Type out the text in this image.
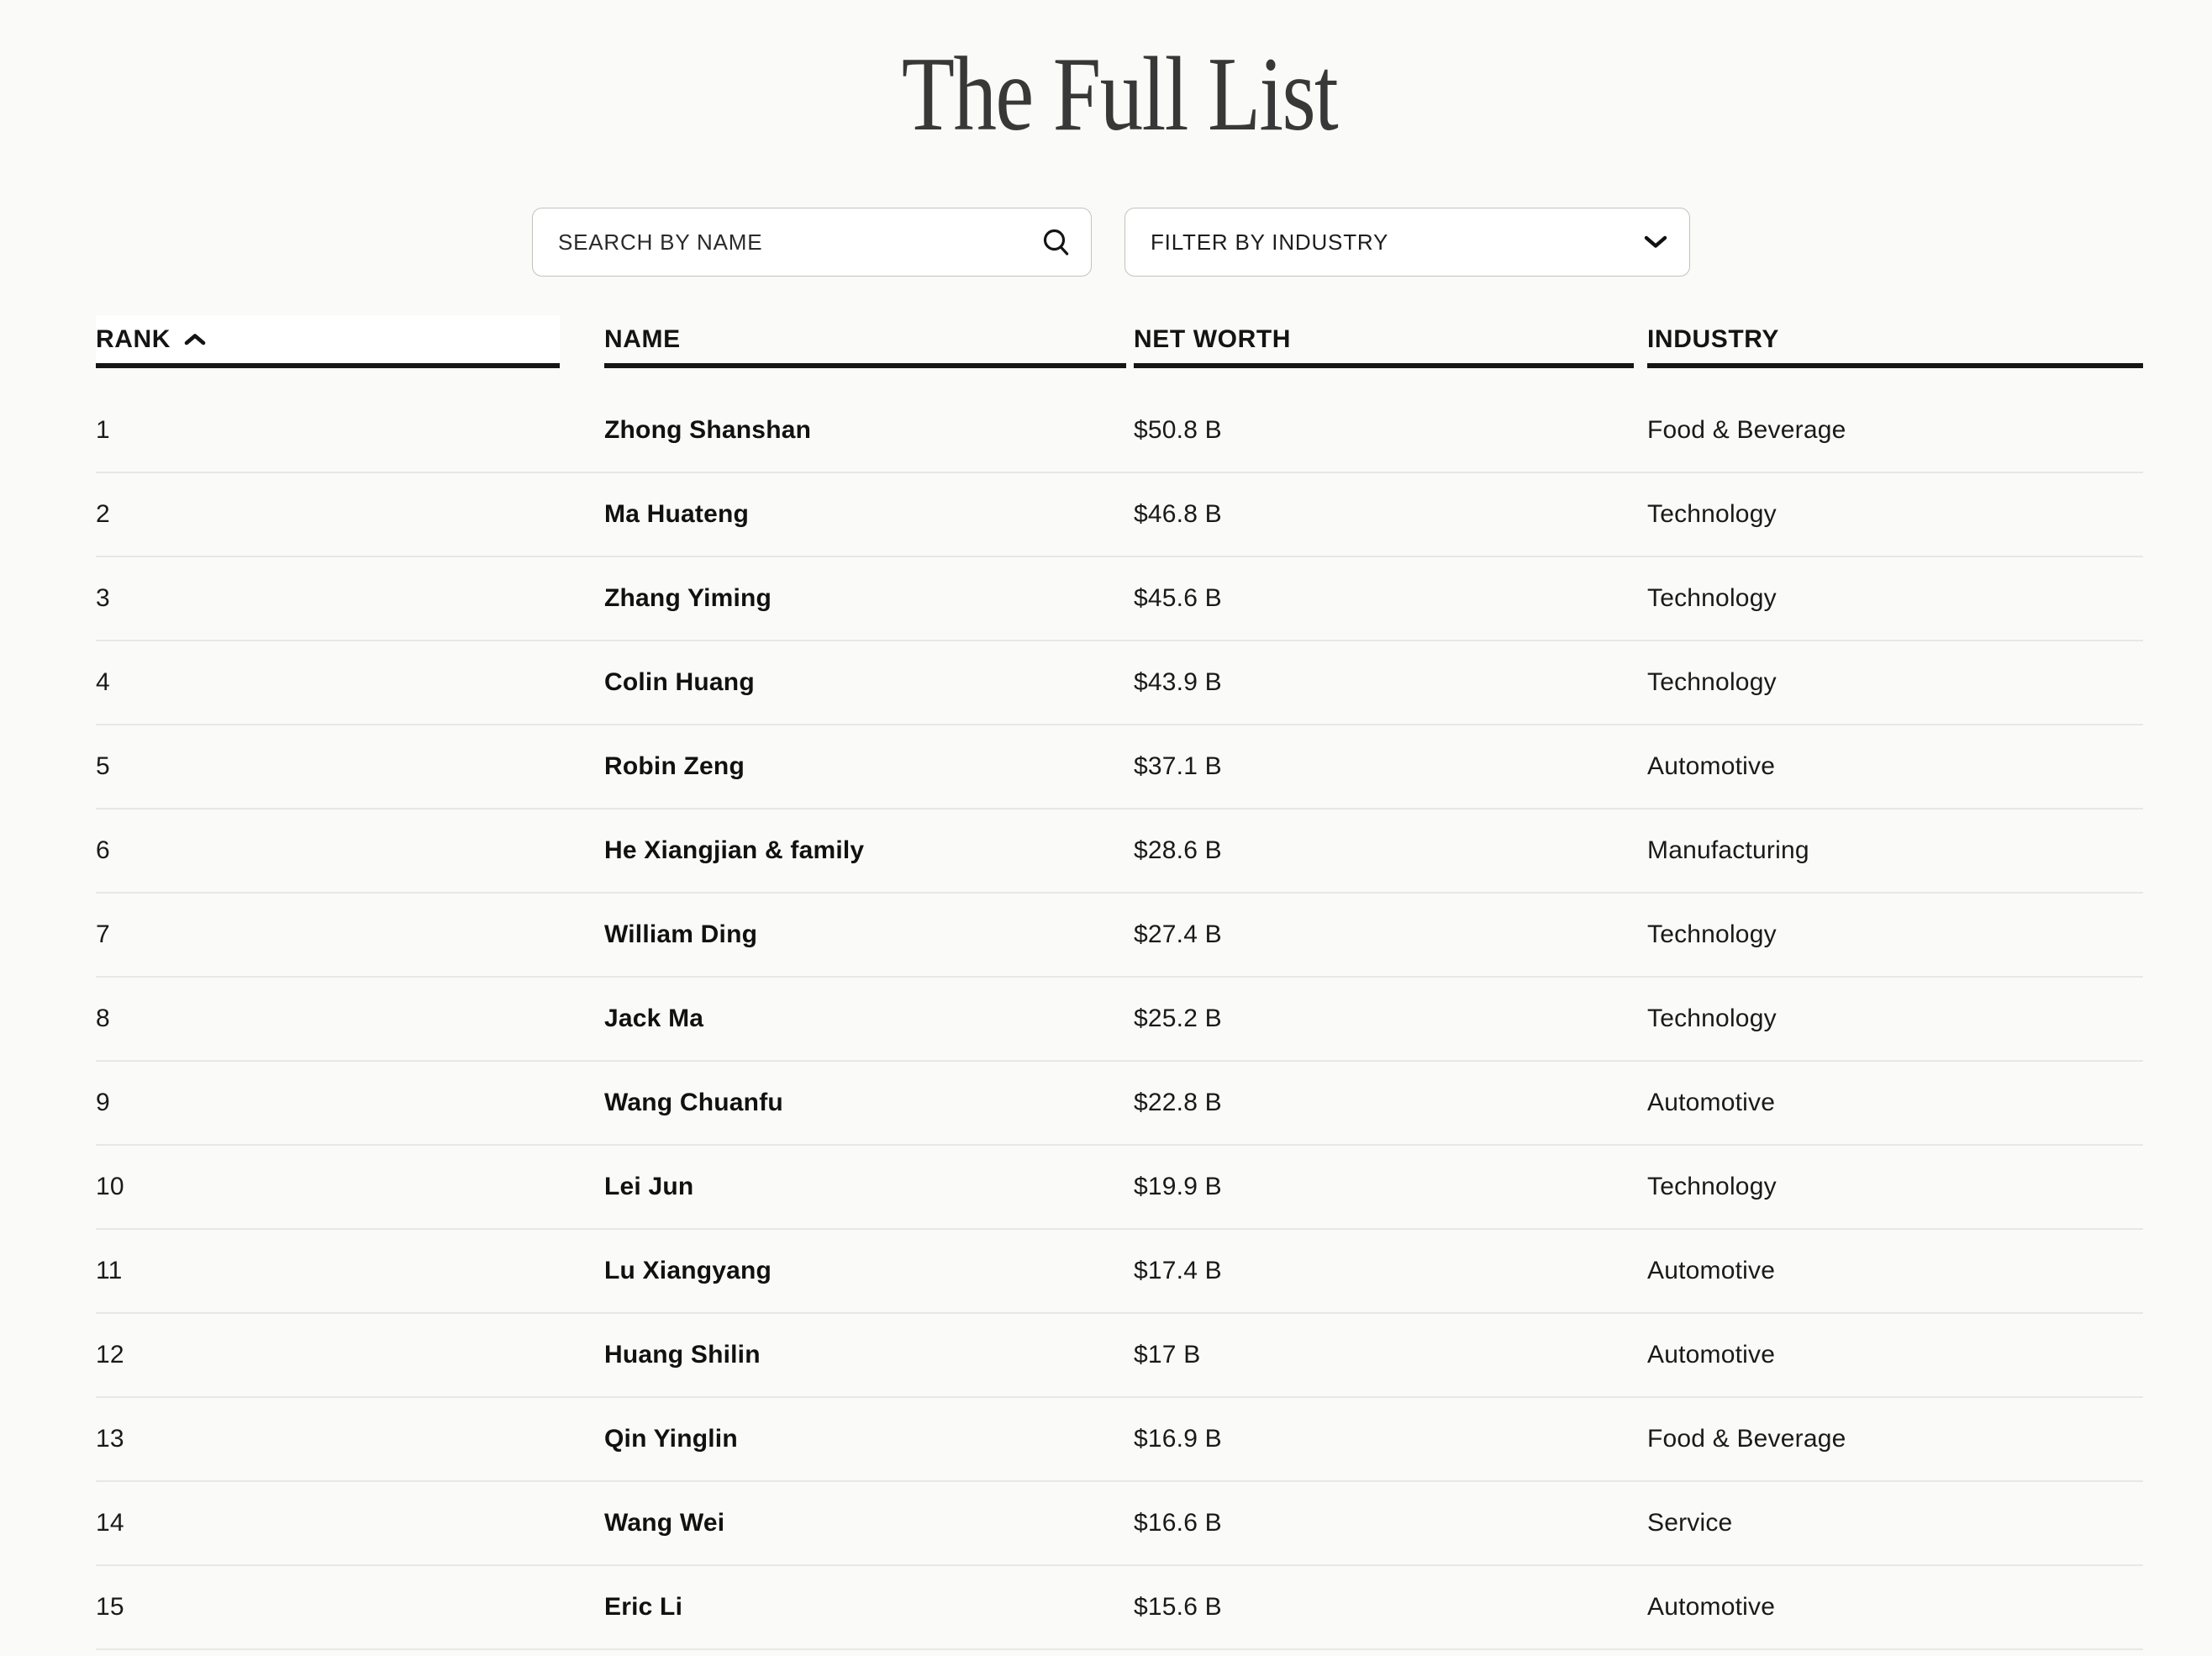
The Full List
SEARCH BY NAME
FILTER BY INDUSTRY
RANK	NAME	NET WORTH	INDUSTRY
1	Zhong Shanshan	$50.8 B	Food & Beverage
2	Ma Huateng	$46.8 B	Technology
3	Zhang Yiming	$45.6 B	Technology
4	Colin Huang	$43.9 B	Technology
5	Robin Zeng	$37.1 B	Automotive
6	He Xiangjian & family	$28.6 B	Manufacturing
7	William Ding	$27.4 B	Technology
8	Jack Ma	$25.2 B	Technology
9	Wang Chuanfu	$22.8 B	Automotive
10	Lei Jun	$19.9 B	Technology
11	Lu Xiangyang	$17.4 B	Automotive
12	Huang Shilin	$17 B	Automotive
13	Qin Yinglin	$16.9 B	Food & Beverage
14	Wang Wei	$16.6 B	Service
15	Eric Li	$15.6 B	Automotive
